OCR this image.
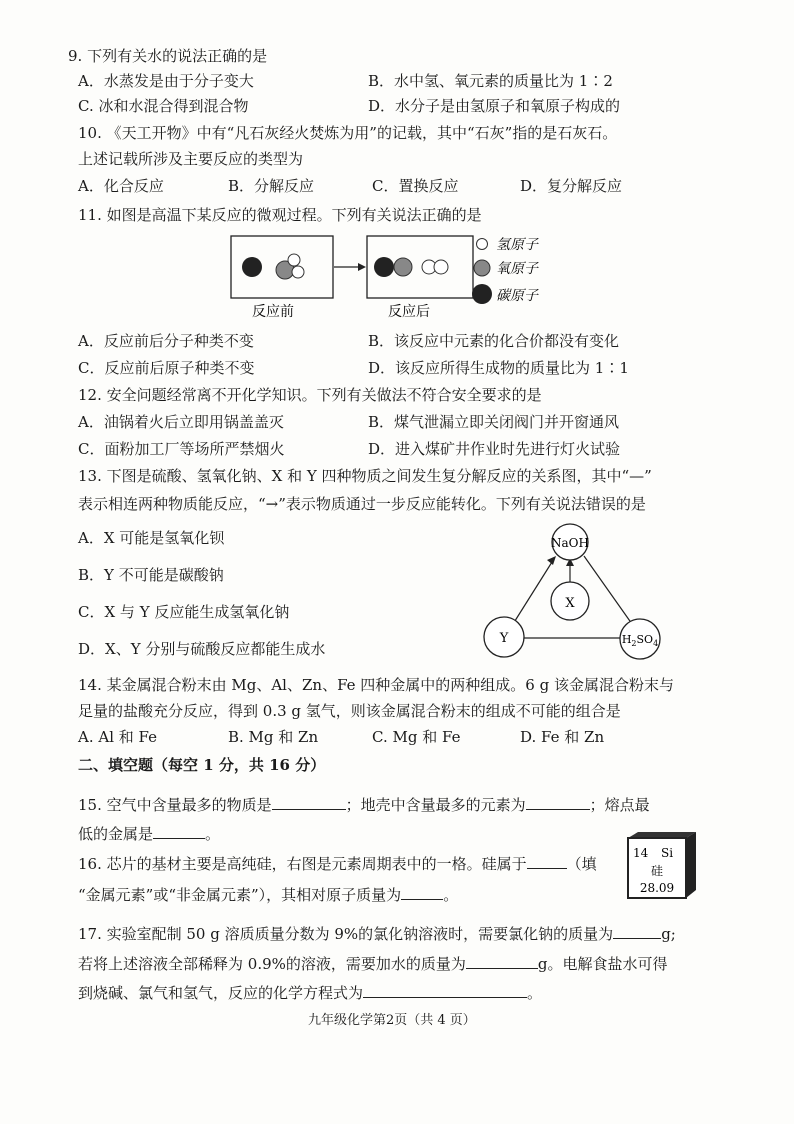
9. 下列有关水的说法正确的是
A．水蒸发是由于分子变大	B．水中氢、氧元素的质量比为 1∶2
C. 冰和水混合得到混合物	D．水分子是由氢原子和氧原子构成的
10. 《天工开物》中有“凡石灰经火焚炼为用”的记载，其中“石灰”指的是石灰石。
上述记载所涉及主要反应的类型为
A．化合反应	B．分解反应	C．置换反应	D．复分解反应
11. 如图是高温下某反应的微观过程。下列有关说法正确的是
反应前	反应后
氢原子
氧原子
碳原子
A．反应前后分子种类不变	B．该反应中元素的化合价都没有变化
C．反应前后原子种类不变	D．该反应所得生成物的质量比为 1∶1
12. 安全问题经常离不开化学知识。下列有关做法不符合安全要求的是
A．油锅着火后立即用锅盖盖灭	B．煤气泄漏立即关闭阀门并开窗通风
C．面粉加工厂等场所严禁烟火	D．进入煤矿井作业时先进行灯火试验
13. 下图是硫酸、氢氧化钠、X 和 Y 四种物质之间发生复分解反应的关系图，其中“—”
表示相连两种物质能反应，“→”表示物质通过一步反应能转化。下列有关说法错误的是
A．X 可能是氢氧化钡
B．Y 不可能是碳酸钠
C．X 与 Y 反应能生成氢氧化钠
D．X、Y 分别与硫酸反应都能生成水
NaOH
X
Y	$H_2SO_4$
14. 某金属混合粉末由 Mg、Al、Zn、Fe 四种金属中的两种组成。6 g 该金属混合粉末与
足量的盐酸充分反应，得到 0.3 g 氢气，则该金属混合粉末的组成不可能的组合是
A. Al 和 Fe	B. Mg 和 Zn	C. Mg 和 Fe	D. Fe 和 Zn
二、填空题（每空 1 分，共 16 分）
15. 空气中含量最多的物质是	；地壳中含量最多的元素为	；熔点最
低的金属是	。
16. 芯片的基材主要是高纯硅，右图是元素周期表中的一格。硅属于	（填
“金属元素”或“非金属元素”），其相对原子质量为	。
14 Si
硅
28.09
17. 实验室配制 50 g 溶质质量分数为 9%的氯化钠溶液时，需要氯化钠的质量为	g;
若将上述溶液全部稀释为 0.9%的溶液，需要加水的质量为	g。电解食盐水可得
到烧碱、氯气和氢气，反应的化学方程式为	。
九年级化学第2页（共 4 页）
